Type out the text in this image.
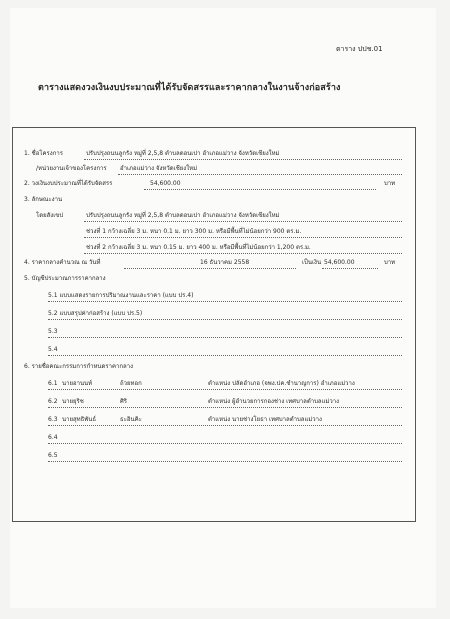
ตาราง ปปช.01
ตารางแสดงวงเงินงบประมาณที่ได้รับจัดสรรและราคากลางในงานจ้างก่อสร้าง
1. ชื่อโครงการ	ปรับปรุงถนนลูกรัง หมู่ที่ 2,5,8 ตำบลดอนเปา อำเภอแม่วาง จังหวัดเชียงใหม่
/หน่วยงานเจ้าของโครงการ อำเภอแม่วาง จังหวัดเชียงใหม่
2. วงเงินงบประมาณที่ได้รับจัดสรร	54,600.00	บาท
3. ลักษณะงาน
โดยสังเขป	ปรับปรุงถนนลูกรัง หมู่ที่ 2,5,8 ตำบลดอนเปา อำเภอแม่วาง จังหวัดเชียงใหม่
ช่วงที่ 1 กว้างเฉลี่ย 3 ม. หนา 0.1 ม. ยาว 300 ม. หรือมีพื้นที่ไม่น้อยกว่า 900 ตร.ม.
ช่วงที่ 2 กว้างเฉลี่ย 3 ม. หนา 0.15 ม. ยาว 400 ม. หรือมีพื้นที่ไม่น้อยกว่า 1,200 ตร.ม.
4. ราคากลางคำนวณ ณ วันที่	16 ธันวาคม 2558	เป็นเงิน 54,600.00	บาท
5. บัญชีประมาณการราคากลาง
5.1 แบบแสดงรายการปริมาณงานและราคา (แบบ ปร.4)
5.2 แบบสรุปค่าก่อสร้าง (แบบ ปร.5)
5.3
5.4
6. รายชื่อคณะกรรมการกำหนดราคากลาง
6.1 นายอานนท์	ถ้วยทอก	ตำแหน่ง ปลัดอำเภอ (จพง.ปค.ชำนาญการ) อำเภอแม่วาง
6.2 นายยุริช	ศิริ	ตำแหน่ง ผู้อำนวยการกองช่าง เทศบาลตำบลแม่วาง
6.3 นายสุทธิพันธ์	ธะอินคิะ	ตำแหน่ง นายช่างโยธา เทศบาลตำบลแม่วาง
6.4
6.5
